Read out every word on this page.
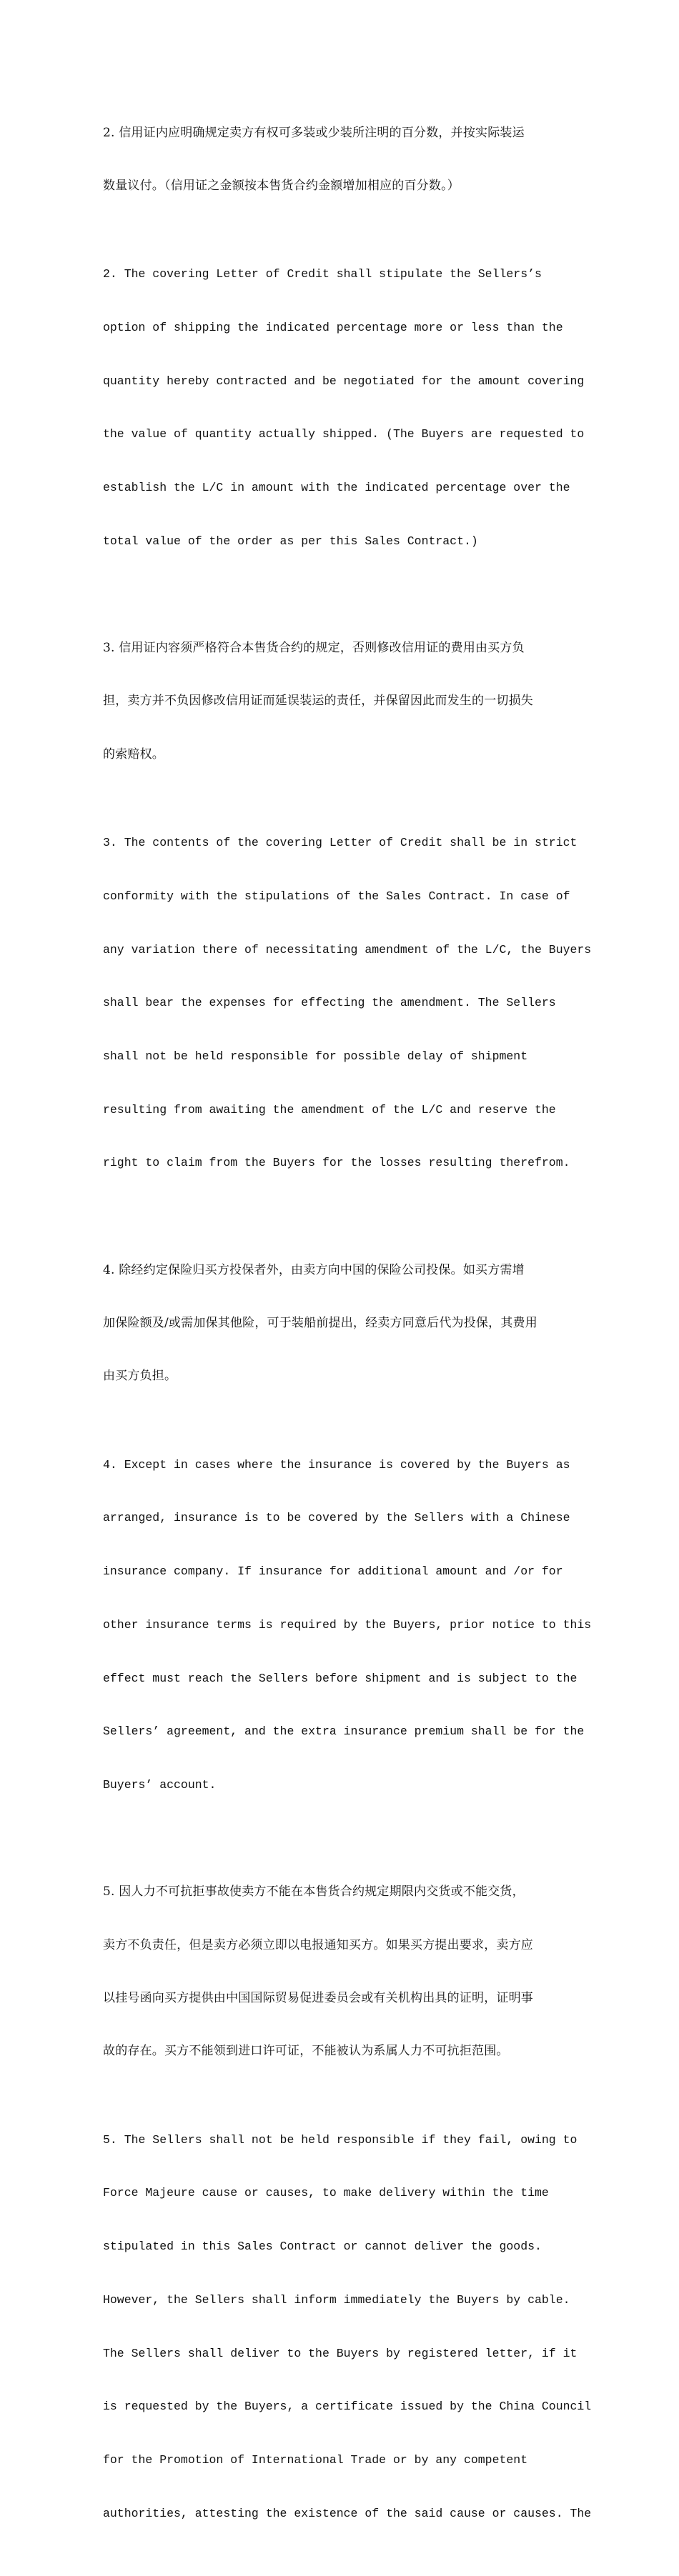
2. 信用证内应明确规定卖方有权可多装或少装所注明的百分数，并按实际装运

数量议付。（信用证之金额按本售货合约金额增加相应的百分数。）

2. The covering Letter of Credit shall stipulate the Sellers’s

option of shipping the indicated percentage more or less than the

quantity hereby contracted and be negotiated for the amount covering

the value of quantity actually shipped. (The Buyers are requested to

establish the L/C in amount with the indicated percentage over the

total value of the order as per this Sales Contract.)

3. 信用证内容须严格符合本售货合约的规定，否则修改信用证的费用由买方负

担，卖方并不负因修改信用证而延误装运的责任，并保留因此而发生的一切损失

的索赔权。

3. The contents of the covering Letter of Credit shall be in strict

conformity with the stipulations of the Sales Contract. In case of

any variation there of necessitating amendment of the L/C, the Buyers

shall bear the expenses for effecting the amendment. The Sellers

shall not be held responsible for possible delay of shipment

resulting from awaiting the amendment of the L/C and reserve the

right to claim from the Buyers for the losses resulting therefrom.

4. 除经约定保险归买方投保者外，由卖方向中国的保险公司投保。如买方需增

加保险额及/或需加保其他险，可于装船前提出，经卖方同意后代为投保，其费用

由买方负担。

4. Except in cases where the insurance is covered by the Buyers as

arranged, insurance is to be covered by the Sellers with a Chinese

insurance company. If insurance for additional amount and /or for

other insurance terms is required by the Buyers, prior notice to this

effect must reach the Sellers before shipment and is subject to the

Sellers’ agreement, and the extra insurance premium shall be for the

Buyers’ account.

5. 因人力不可抗拒事故使卖方不能在本售货合约规定期限内交货或不能交货，

卖方不负责任，但是卖方必须立即以电报通知买方。如果买方提出要求，卖方应

以挂号函向买方提供由中国国际贸易促进委员会或有关机构出具的证明，证明事

故的存在。买方不能领到进口许可证，不能被认为系属人力不可抗拒范围。

5. The Sellers shall not be held responsible if they fail, owing to

Force Majeure cause or causes, to make delivery within the time

stipulated in this Sales Contract or cannot deliver the goods.

However, the Sellers shall inform immediately the Buyers by cable.

The Sellers shall deliver to the Buyers by registered letter, if it

is requested by the Buyers, a certificate issued by the China Council

for the Promotion of International Trade or by any competent

authorities, attesting the existence of the said cause or causes. The
